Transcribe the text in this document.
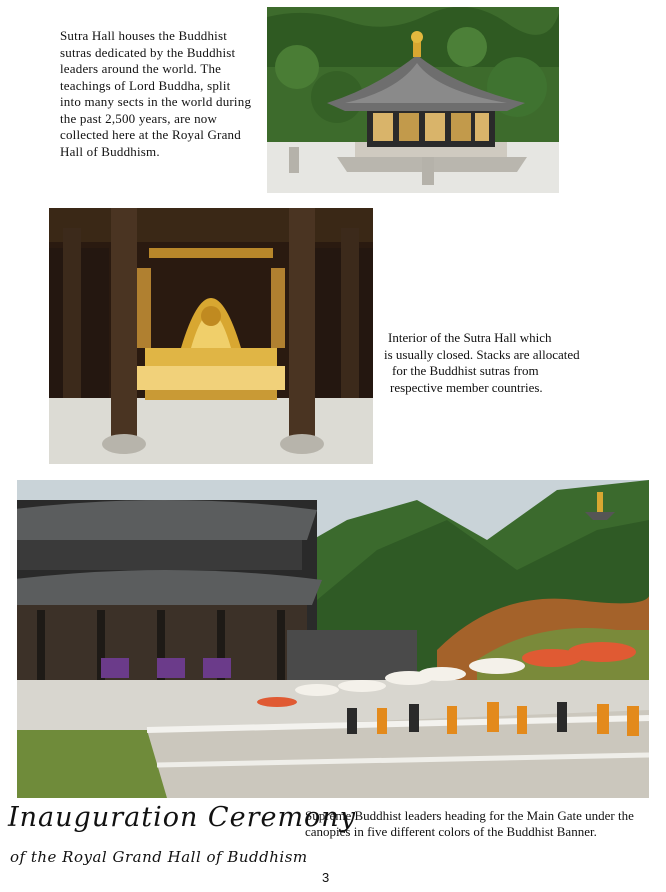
Sutra Hall houses the Buddhist
sutras dedicated by the Buddhist
leaders around the world. The
teachings of Lord Buddha, split
into many sects in the world during
the past 2,500 years, are now
collected here at the Royal Grand
Hall of Buddhism.
Interior of the Sutra Hall which
is usually closed. Stacks are allocated
for the Buddhist sutras from
respective member countries.
Inauguration Ceremony
of the Royal Grand Hall of Buddhism
Supreme Buddhist leaders heading for the Main Gate under the
canopies in five different colors of the Buddhist Banner.
3
